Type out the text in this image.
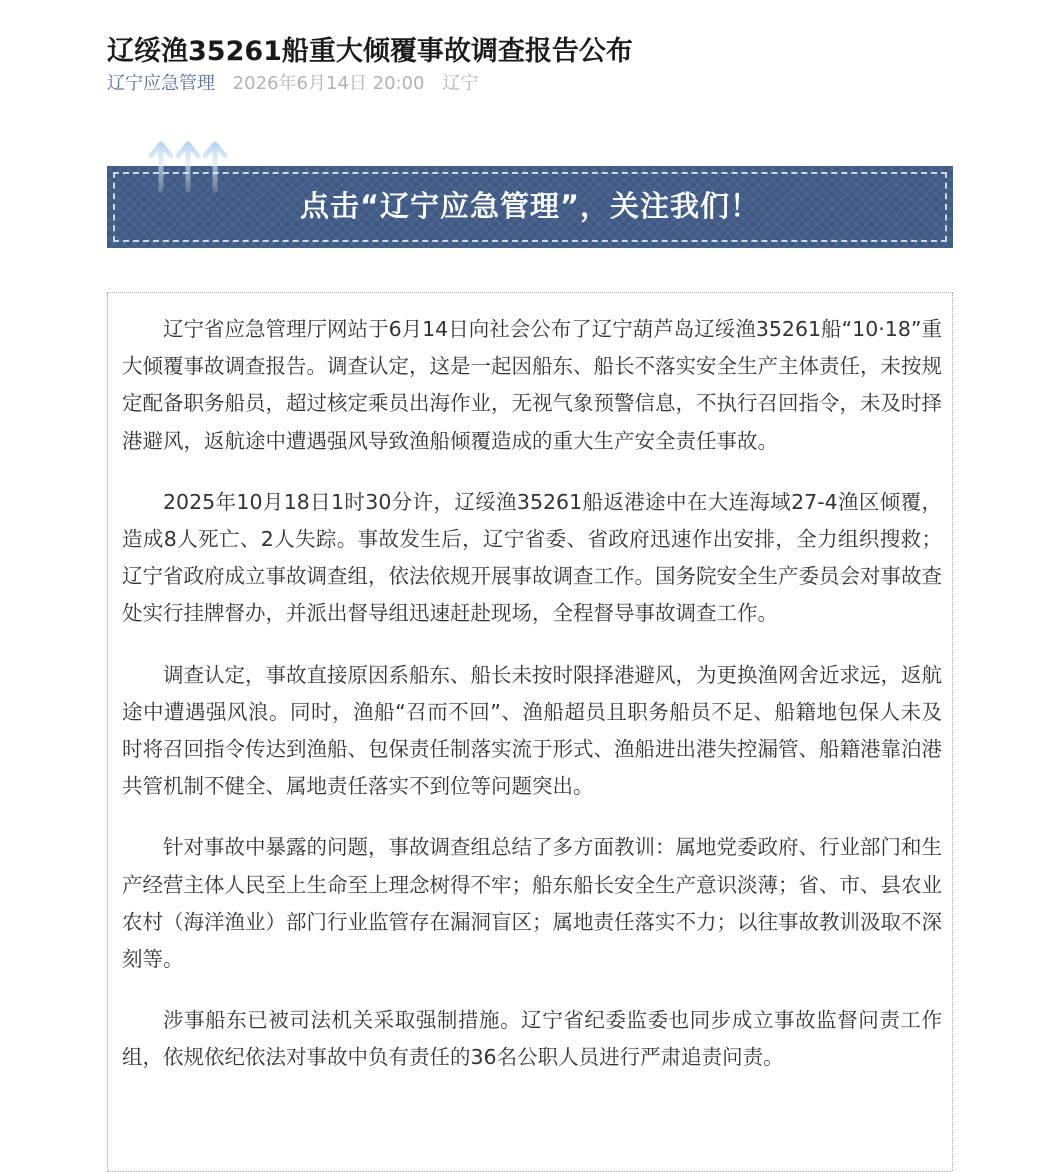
辽绥渔35261船重大倾覆事故调查报告公布
辽宁应急管理 2026年6月14日 20:00 辽宁
点击“辽宁应急管理”，关注我们！

辽宁省应急管理厅网站于6月14日向社会公布了辽宁葫芦岛辽绥渔35261船“10·18”重大倾覆事故调查报告。调查认定，这是一起因船东、船长不落实安全生产主体责任，未按规定配备职务船员，超过核定乘员出海作业，无视气象预警信息，不执行召回指令，未及时择港避风，返航途中遭遇强风导致渔船倾覆造成的重大生产安全责任事故。

2025年10月18日1时30分许，辽绥渔35261船返港途中在大连海域27-4渔区倾覆，造成8人死亡、2人失踪。事故发生后，辽宁省委、省政府迅速作出安排，全力组织搜救；辽宁省政府成立事故调查组，依法依规开展事故调查工作。国务院安全生产委员会对事故查处实行挂牌督办，并派出督导组迅速赶赴现场，全程督导事故调查工作。

调查认定，事故直接原因系船东、船长未按时限择港避风，为更换渔网舍近求远，返航途中遭遇强风浪。同时，渔船“召而不回”、渔船超员且职务船员不足、船籍地包保人未及时将召回指令传达到渔船、包保责任制落实流于形式、渔船进出港失控漏管、船籍港靠泊港共管机制不健全、属地责任落实不到位等问题突出。

针对事故中暴露的问题，事故调查组总结了多方面教训：属地党委政府、行业部门和生产经营主体人民至上生命至上理念树得不牢；船东船长安全生产意识淡薄；省、市、县农业农村（海洋渔业）部门行业监管存在漏洞盲区；属地责任落实不力；以往事故教训汲取不深刻等。

涉事船东已被司法机关采取强制措施。辽宁省纪委监委也同步成立事故监督问责工作组，依规依纪依法对事故中负有责任的36名公职人员进行严肃追责问责。
